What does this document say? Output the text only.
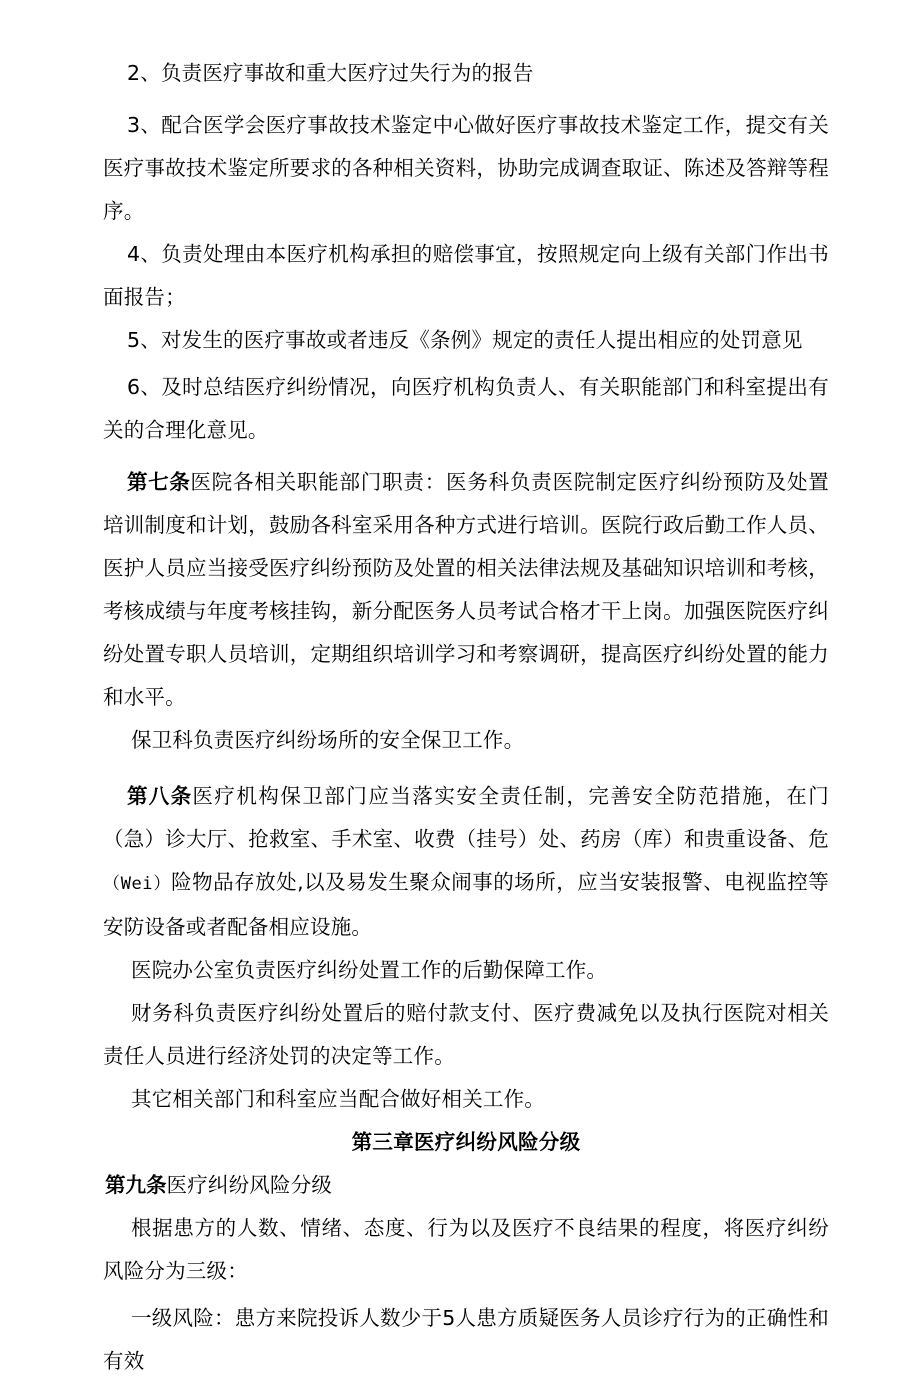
2、负责医疗事故和重大医疗过失行为的报告

3、配合医学会医疗事故技术鉴定中心做好医疗事故技术鉴定工作，提交有关医疗事故技术鉴定所要求的各种相关资料，协助完成调查取证、陈述及答辩等程序。

4、负责处理由本医疗机构承担的赔偿事宜，按照规定向上级有关部门作出书面报告；

5、对发生的医疗事故或者违反《条例》规定的责任人提出相应的处罚意见

6、及时总结医疗纠纷情况，向医疗机构负责人、有关职能部门和科室提出有关的合理化意见。

第七条医院各相关职能部门职责：医务科负责医院制定医疗纠纷预防及处置培训制度和计划，鼓励各科室采用各种方式进行培训。医院行政后勤工作人员、医护人员应当接受医疗纠纷预防及处置的相关法律法规及基础知识培训和考核，考核成绩与年度考核挂钩，新分配医务人员考试合格才干上岗。加强医院医疗纠纷处置专职人员培训，定期组织培训学习和考察调研，提高医疗纠纷处置的能力和水平。

保卫科负责医疗纠纷场所的安全保卫工作。

第八条医疗机构保卫部门应当落实安全责任制，完善安全防范措施，在门（急）诊大厅、抢救室、手术室、收费（挂号）处、药房（库）和贵重设备、危（Wei）险物品存放处,以及易发生聚众闹事的场所，应当安装报警、电视监控等安防设备或者配备相应设施。

医院办公室负责医疗纠纷处置工作的后勤保障工作。

财务科负责医疗纠纷处置后的赔付款支付、医疗费减免以及执行医院对相关责任人员进行经济处罚的决定等工作。

其它相关部门和科室应当配合做好相关工作。

第三章医疗纠纷风险分级

第九条医疗纠纷风险分级

根据患方的人数、情绪、态度、行为以及医疗不良结果的程度，将医疗纠纷风险分为三级：

一级风险：患方来院投诉人数少于5人患方质疑医务人员诊疗行为的正确性和有效
